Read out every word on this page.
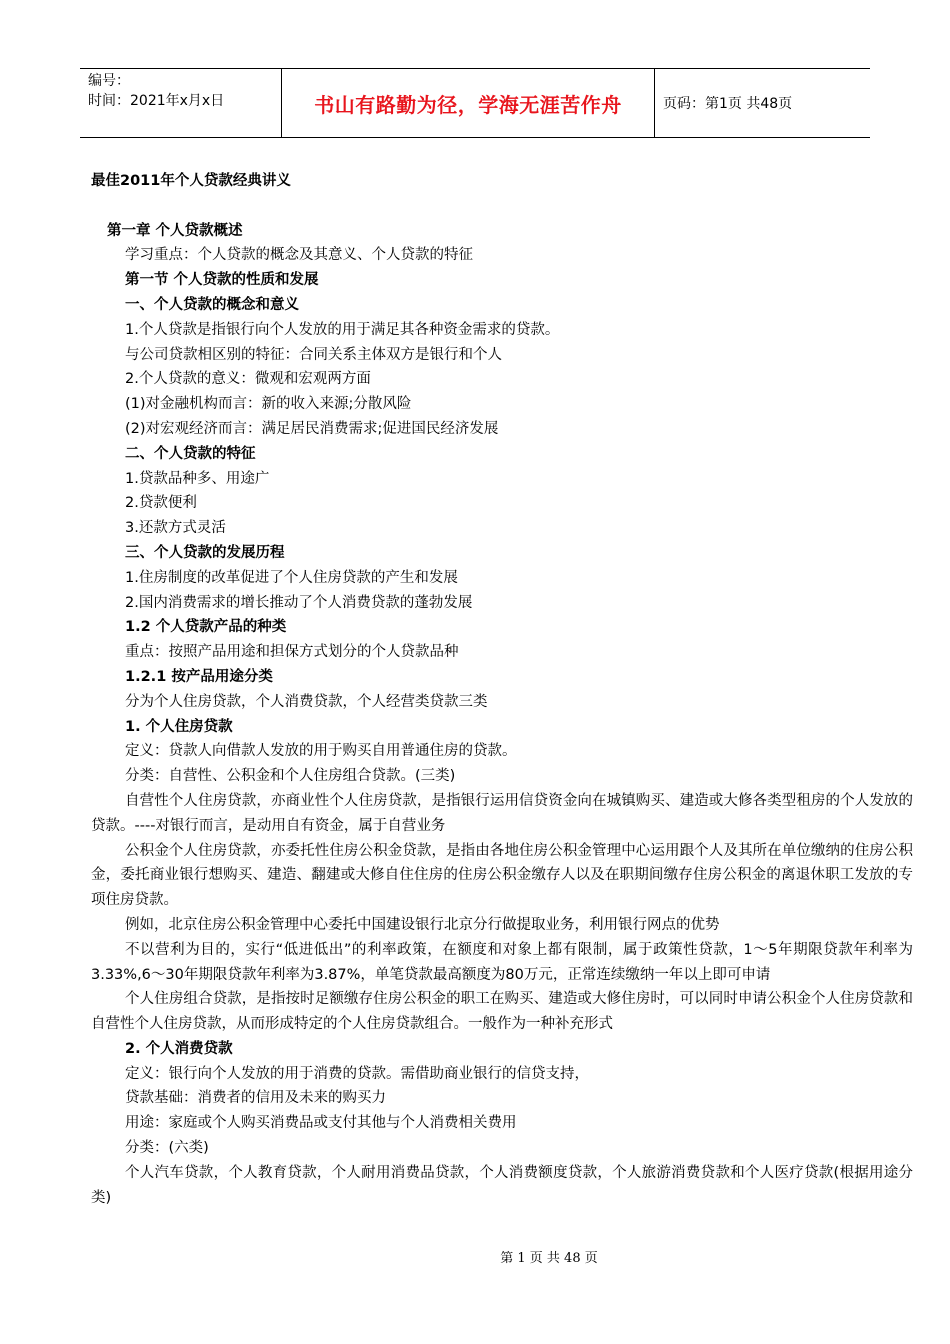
编号：
时间：2021年x月x日	书山有路勤为径，学海无涯苦作舟	页码：第1页 共48页
最佳2011年个人贷款经典讲义
第一章 个人贷款概述
学习重点：个人贷款的概念及其意义、个人贷款的特征
第一节 个人贷款的性质和发展
一、个人贷款的概念和意义
1.个人贷款是指银行向个人发放的用于满足其各种资金需求的贷款。
与公司贷款相区别的特征：合同关系主体双方是银行和个人
2.个人贷款的意义：微观和宏观两方面
(1)对金融机构而言：新的收入来源;分散风险
(2)对宏观经济而言：满足居民消费需求;促进国民经济发展
二、个人贷款的特征
1.贷款品种多、用途广
2.贷款便利
3.还款方式灵活
三、个人贷款的发展历程
1.住房制度的改革促进了个人住房贷款的产生和发展
2.国内消费需求的增长推动了个人消费贷款的蓬勃发展
1.2 个人贷款产品的种类
重点：按照产品用途和担保方式划分的个人贷款品种
1.2.1 按产品用途分类
分为个人住房贷款，个人消费贷款，个人经营类贷款三类
1. 个人住房贷款
定义：贷款人向借款人发放的用于购买自用普通住房的贷款。
分类：自营性、公积金和个人住房组合贷款。(三类)
自营性个人住房贷款，亦商业性个人住房贷款，是指银行运用信贷资金向在城镇购买、建造或大修各类型租房的个人发放的贷款。----对银行而言，是动用自有资金，属于自营业务
公积金个人住房贷款，亦委托性住房公积金贷款，是指由各地住房公积金管理中心运用跟个人及其所在单位缴纳的住房公积金，委托商业银行想购买、建造、翻建或大修自住住房的住房公积金缴存人以及在职期间缴存住房公积金的离退休职工发放的专项住房贷款。
例如，北京住房公积金管理中心委托中国建设银行北京分行做提取业务，利用银行网点的优势
不以营利为目的，实行“低进低出”的利率政策，在额度和对象上都有限制，属于政策性贷款，1～5年期限贷款年利率为3.33%,6～30年期限贷款年利率为3.87%，单笔贷款最高额度为80万元，正常连续缴纳一年以上即可申请
个人住房组合贷款，是指按时足额缴存住房公积金的职工在购买、建造或大修住房时，可以同时申请公积金个人住房贷款和自营性个人住房贷款，从而形成特定的个人住房贷款组合。一般作为一种补充形式
2. 个人消费贷款
定义：银行向个人发放的用于消费的贷款。需借助商业银行的信贷支持，
贷款基础：消费者的信用及未来的购买力
用途：家庭或个人购买消费品或支付其他与个人消费相关费用
分类：(六类)
个人汽车贷款，个人教育贷款，个人耐用消费品贷款，个人消费额度贷款，个人旅游消费贷款和个人医疗贷款(根据用途分类)
第 1 页 共 48 页
